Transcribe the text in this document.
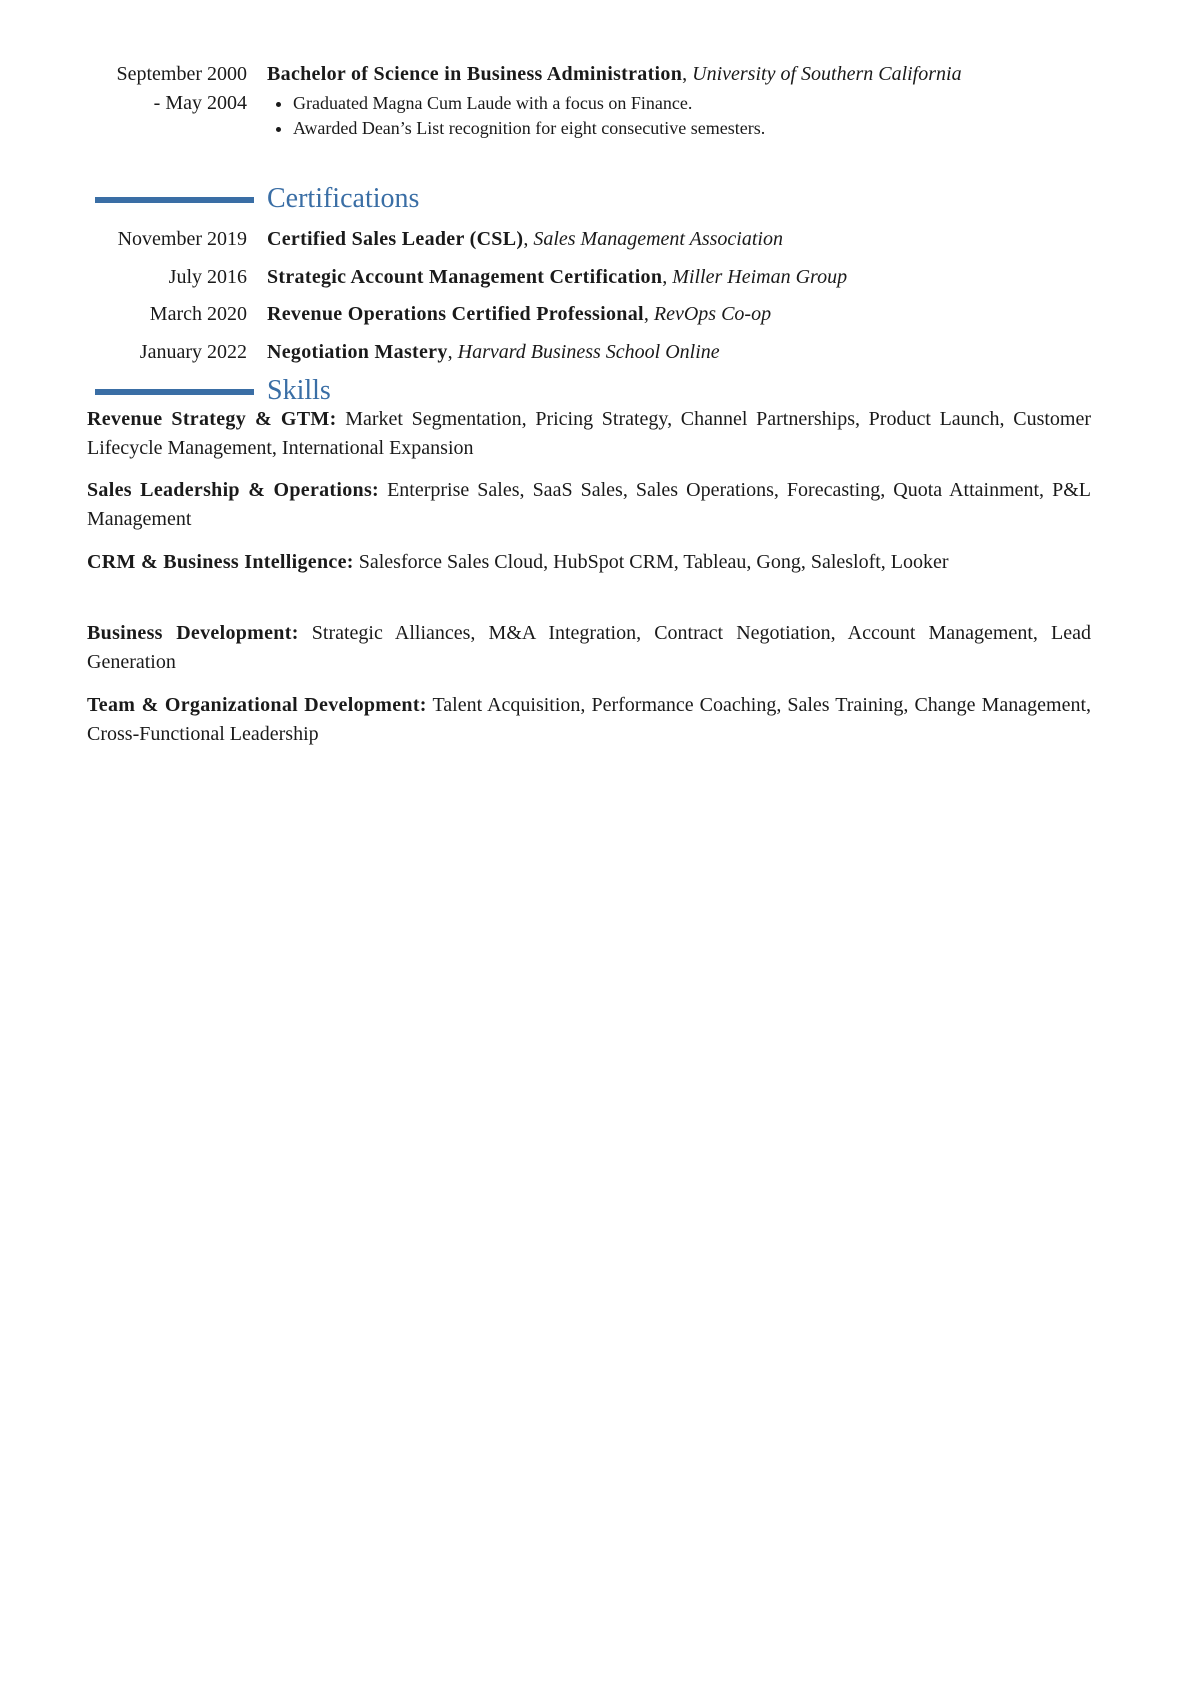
September 2000 - May 2004
Bachelor of Science in Business Administration, University of Southern California
• Graduated Magna Cum Laude with a focus on Finance.
• Awarded Dean’s List recognition for eight consecutive semesters.
Certifications
November 2019 Certified Sales Leader (CSL), Sales Management Association
July 2016 Strategic Account Management Certification, Miller Heiman Group
March 2020 Revenue Operations Certified Professional, RevOps Co-op
January 2022 Negotiation Mastery, Harvard Business School Online
Skills
Revenue Strategy & GTM: Market Segmentation, Pricing Strategy, Channel Partnerships, Product Launch, Customer Lifecycle Management, International Expansion
Sales Leadership & Operations: Enterprise Sales, SaaS Sales, Sales Operations, Forecasting, Quota Attainment, P&L Management
CRM & Business Intelligence: Salesforce Sales Cloud, HubSpot CRM, Tableau, Gong, Salesloft, Looker
Business Development: Strategic Alliances, M&A Integration, Contract Negotiation, Account Management, Lead Generation
Team & Organizational Development: Talent Acquisition, Performance Coaching, Sales Training, Change Management, Cross-Functional Leadership
